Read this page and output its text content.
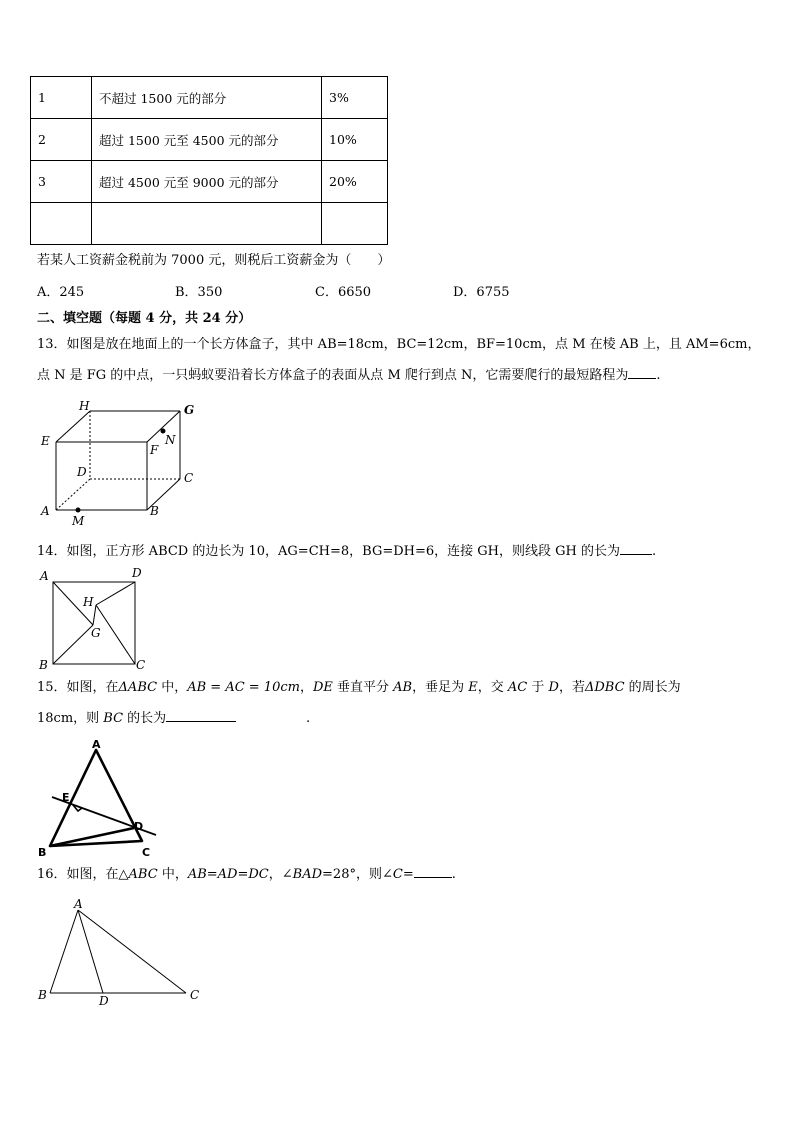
1	不超过 1500 元的部分	3%
2	超过 1500 元至 4500 元的部分	10%
3	超过 4500 元至 9000 元的部分	20%

若某人工资薪金税前为 7000 元，则税后工资薪金为（　　）
A．245	B．350	C．6650	D．6755
二、填空题（每题 4 分，共 24 分）
13．如图是放在地面上的一个长方体盒子，其中 AB=18cm，BC=12cm，BF=10cm，点 M 在棱 AB 上，且 AM=6cm，
点 N 是 FG 的中点，一只蚂蚁要沿着长方体盒子的表面从点 M 爬行到点 N，它需要爬行的最短路程为 .
H	G
E	N
F
D	C
A
M
B
14．如图，正方形 ABCD 的边长为 10，AG=CH=8，BG=DH=6，连接 GH，则线段 GH 的长为 .
A	D
H
G
B	C
15．如图，在ΔABC 中，AB = AC = 10cm，DE 垂直平分 AB，垂足为 E，交 AC 于 D，若ΔDBC 的周长为
18cm，则 BC 的长为	.
A
E
D
B	C
16．如图，在△ABC 中，AB=AD=DC，∠BAD=28°，则∠C=	.
A
B	D	C
